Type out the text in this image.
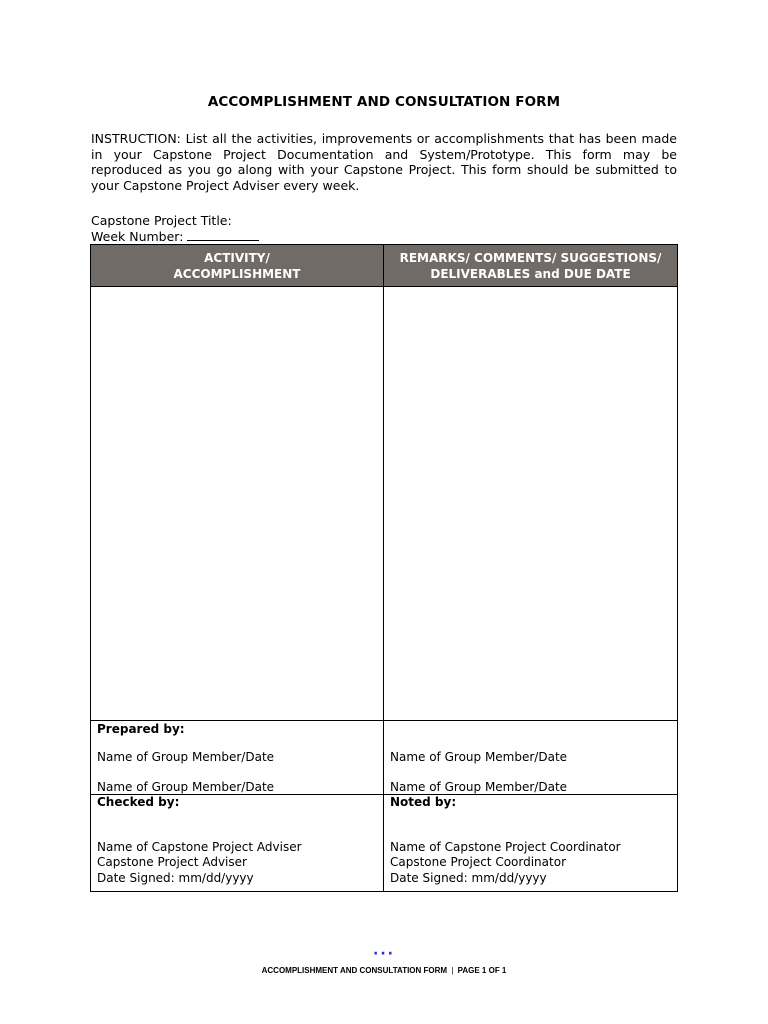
ACCOMPLISHMENT AND CONSULTATION FORM
INSTRUCTION: List all the activities, improvements or accomplishments that has been made in your Capstone Project Documentation and System/Prototype. This form may be reproduced as you go along with your Capstone Project. This form should be submitted to your Capstone Project Adviser every week.
Capstone Project Title:
Week Number:
ACTIVITY/
ACCOMPLISHMENT
REMARKS/ COMMENTS/ SUGGESTIONS/
DELIVERABLES and DUE DATE
Prepared by:
Name of Group Member/Date
Name of Group Member/Date
Name of Group Member/Date
Name of Group Member/Date
Checked by:
Name of Capstone Project Adviser
Capstone Project Adviser
Date Signed: mm/dd/yyyy
Noted by:
Name of Capstone Project Coordinator
Capstone Project Coordinator
Date Signed: mm/dd/yyyy
···
ACCOMPLISHMENT AND CONSULTATION FORM | PAGE 1 OF 1
